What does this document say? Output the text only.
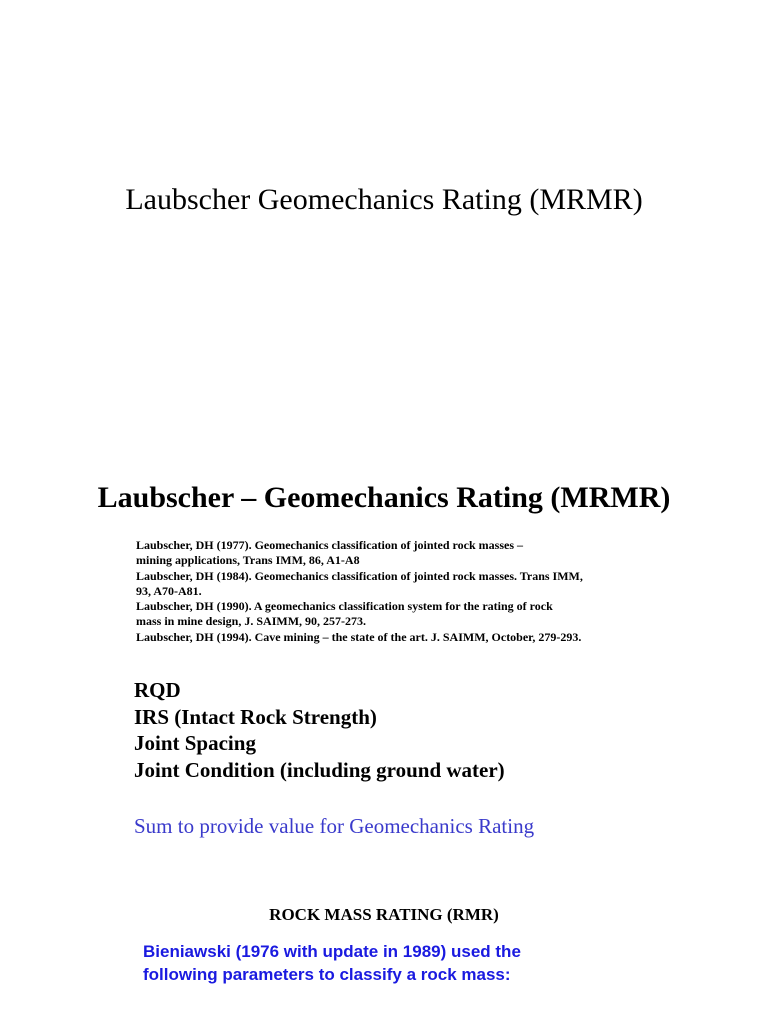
Laubscher Geomechanics Rating (MRMR)
Laubscher – Geomechanics Rating (MRMR)
Laubscher, DH (1977). Geomechanics classification of jointed rock masses –
mining applications, Trans IMM, 86, A1-A8
Laubscher, DH (1984). Geomechanics classification of jointed rock masses. Trans IMM,
93, A70-A81.
Laubscher, DH (1990). A geomechanics classification system for the rating of rock
mass in mine design, J. SAIMM, 90, 257-273.
Laubscher, DH (1994). Cave mining – the state of the art. J. SAIMM, October, 279-293.
RQD
IRS (Intact Rock Strength)
Joint Spacing
Joint Condition (including ground water)
Sum to provide value for Geomechanics Rating
ROCK MASS RATING (RMR)
Bieniawski (1976 with update in 1989) used the
following parameters to classify a rock mass:
